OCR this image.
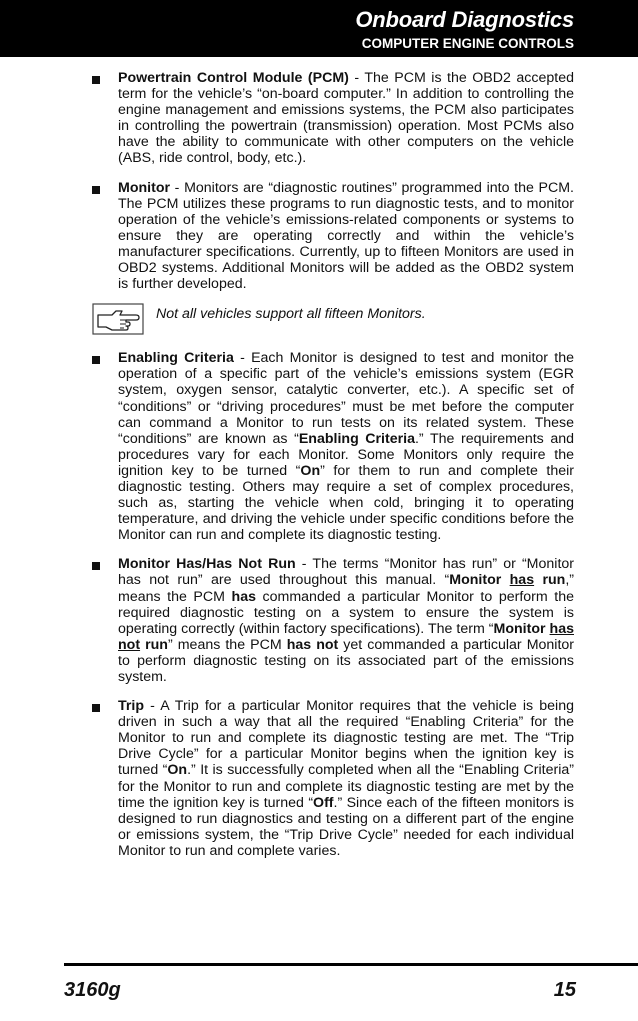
Onboard Diagnostics
COMPUTER ENGINE CONTROLS

Powertrain Control Module (PCM) - The PCM is the OBD2 accepted term for the vehicle’s “on-board computer.” In addition to controlling the engine management and emissions systems, the PCM also participates in controlling the powertrain (transmission) operation. Most PCMs also have the ability to communicate with other computers on the vehicle (ABS, ride control, body, etc.).

Monitor - Monitors are “diagnostic routines” programmed into the PCM. The PCM utilizes these programs to run diagnostic tests, and to monitor operation of the vehicle’s emissions-related components or systems to ensure they are operating correctly and within the vehicle’s manufacturer specifications. Currently, up to fifteen Monitors are used in OBD2 systems. Additional Monitors will be added as the OBD2 system is further developed.

Not all vehicles support all fifteen Monitors.

Enabling Criteria - Each Monitor is designed to test and monitor the operation of a specific part of the vehicle’s emissions system (EGR system, oxygen sensor, catalytic converter, etc.). A specific set of “conditions” or “driving procedures” must be met before the computer can command a Monitor to run tests on its related system. These “conditions” are known as “Enabling Criteria.” The requirements and procedures vary for each Monitor. Some Monitors only require the ignition key to be turned “On” for them to run and complete their diagnostic testing. Others may require a set of complex procedures, such as, starting the vehicle when cold, bringing it to operating temperature, and driving the vehicle under specific conditions before the Monitor can run and complete its diagnostic testing.

Monitor Has/Has Not Run - The terms “Monitor has run” or “Monitor has not run” are used throughout this manual. “Monitor has run,” means the PCM has commanded a particular Monitor to perform the required diagnostic testing on a system to ensure the system is operating correctly (within factory specifications). The term “Monitor has not run” means the PCM has not yet commanded a particular Monitor to perform diagnostic testing on its associated part of the emissions system.

Trip - A Trip for a particular Monitor requires that the vehicle is being driven in such a way that all the required “Enabling Criteria” for the Monitor to run and complete its diagnostic testing are met. The “Trip Drive Cycle” for a particular Monitor begins when the ignition key is turned “On.” It is successfully completed when all the “Enabling Criteria” for the Monitor to run and complete its diagnostic testing are met by the time the ignition key is turned “Off.” Since each of the fifteen monitors is designed to run diagnostics and testing on a different part of the engine or emissions system, the “Trip Drive Cycle” needed for each individual Monitor to run and complete varies.

3160g	15
